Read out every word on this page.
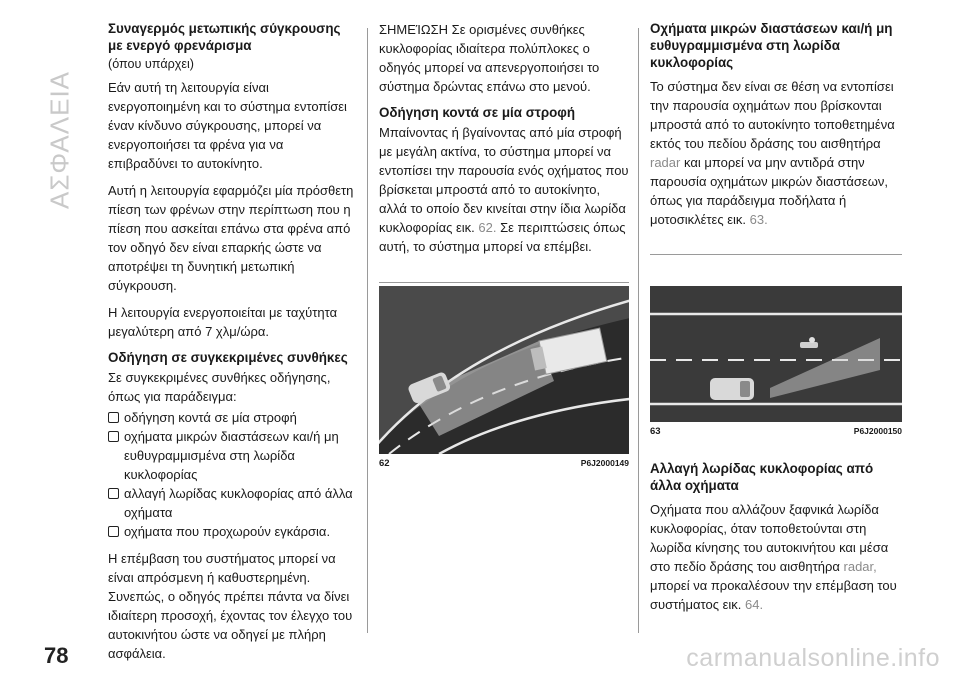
ΑΣΦΑΛΕΙΑ
Συναγερμός μετωπικής σύγκρουσης με ενεργό φρενάρισμα
(όπου υπάρχει)

Εάν αυτή τη λειτουργία είναι ενεργοποιημένη και το σύστημα εντοπίσει έναν κίνδυνο σύγκρουσης, μπορεί να ενεργοποιήσει τα φρένα για να επιβραδύνει το αυτοκίνητο.

Αυτή η λειτουργία εφαρμόζει μία πρόσθετη πίεση των φρένων στην περίπτωση που η πίεση που ασκείται επάνω στα φρένα από τον οδηγό δεν είναι επαρκής ώστε να αποτρέψει τη δυνητική μετωπική σύγκρουση.

Η λειτουργία ενεργοποιείται με ταχύτητα μεγαλύτερη από 7 χλμ/ώρα.

Οδήγηση σε συγκεκριμένες συνθήκες

Σε συγκεκριμένες συνθήκες οδήγησης, όπως για παράδειγμα:

οδήγηση κοντά σε μία στροφή
οχήματα μικρών διαστάσεων και/ή μη ευθυγραμμισμένα στη λωρίδα κυκλοφορίας
αλλαγή λωρίδας κυκλοφορίας από άλλα οχήματα
οχήματα που προχωρούν εγκάρσια.

Η επέμβαση του συστήματος μπορεί να είναι απρόσμενη ή καθυστερημένη. Συνεπώς, ο οδηγός πρέπει πάντα να δίνει ιδιαίτερη προσοχή, έχοντας τον έλεγχο του αυτοκινήτου ώστε να οδηγεί με πλήρη ασφάλεια.

ΣΗΜΕΊΩΣΗ Σε ορισμένες συνθήκες κυκλοφορίας ιδιαίτερα πολύπλοκες ο οδηγός μπορεί να απενεργοποιήσει το σύστημα δρώντας επάνω στο μενού.

Οδήγηση κοντά σε μία στροφή

Μπαίνοντας ή βγαίνοντας από μία στροφή με μεγάλη ακτίνα, το σύστημα μπορεί να εντοπίσει την παρουσία ενός οχήματος που βρίσκεται μπροστά από το αυτοκίνητο, αλλά το οποίο δεν κινείται στην ίδια λωρίδα κυκλοφορίας εικ. 62. Σε περιπτώσεις όπως αυτή, το σύστημα μπορεί να επέμβει.

62	P6J2000149
Οχήματα μικρών διαστάσεων και/ή μη ευθυγραμμισμένα στη λωρίδα κυκλοφορίας

Το σύστημα δεν είναι σε θέση να εντοπίσει την παρουσία οχημάτων που βρίσκονται μπροστά από το αυτοκίνητο τοποθετημένα εκτός του πεδίου δράσης του αισθητήρα radar και μπορεί να μην αντιδρά στην παρουσία οχημάτων μικρών διαστάσεων, όπως για παράδειγμα ποδήλατα ή μοτοσικλέτες εικ. 63.

63	P6J2000150
Αλλαγή λωρίδας κυκλοφορίας από άλλα οχήματα

Οχήματα που αλλάζουν ξαφνικά λωρίδα κυκλοφορίας, όταν τοποθετούνται στη λωρίδα κίνησης του αυτοκινήτου και μέσα στο πεδίο δράσης του αισθητήρα radar, μπορεί να προκαλέσουν την επέμβαση του συστήματος εικ. 64.

78	carmanualsonline.info
